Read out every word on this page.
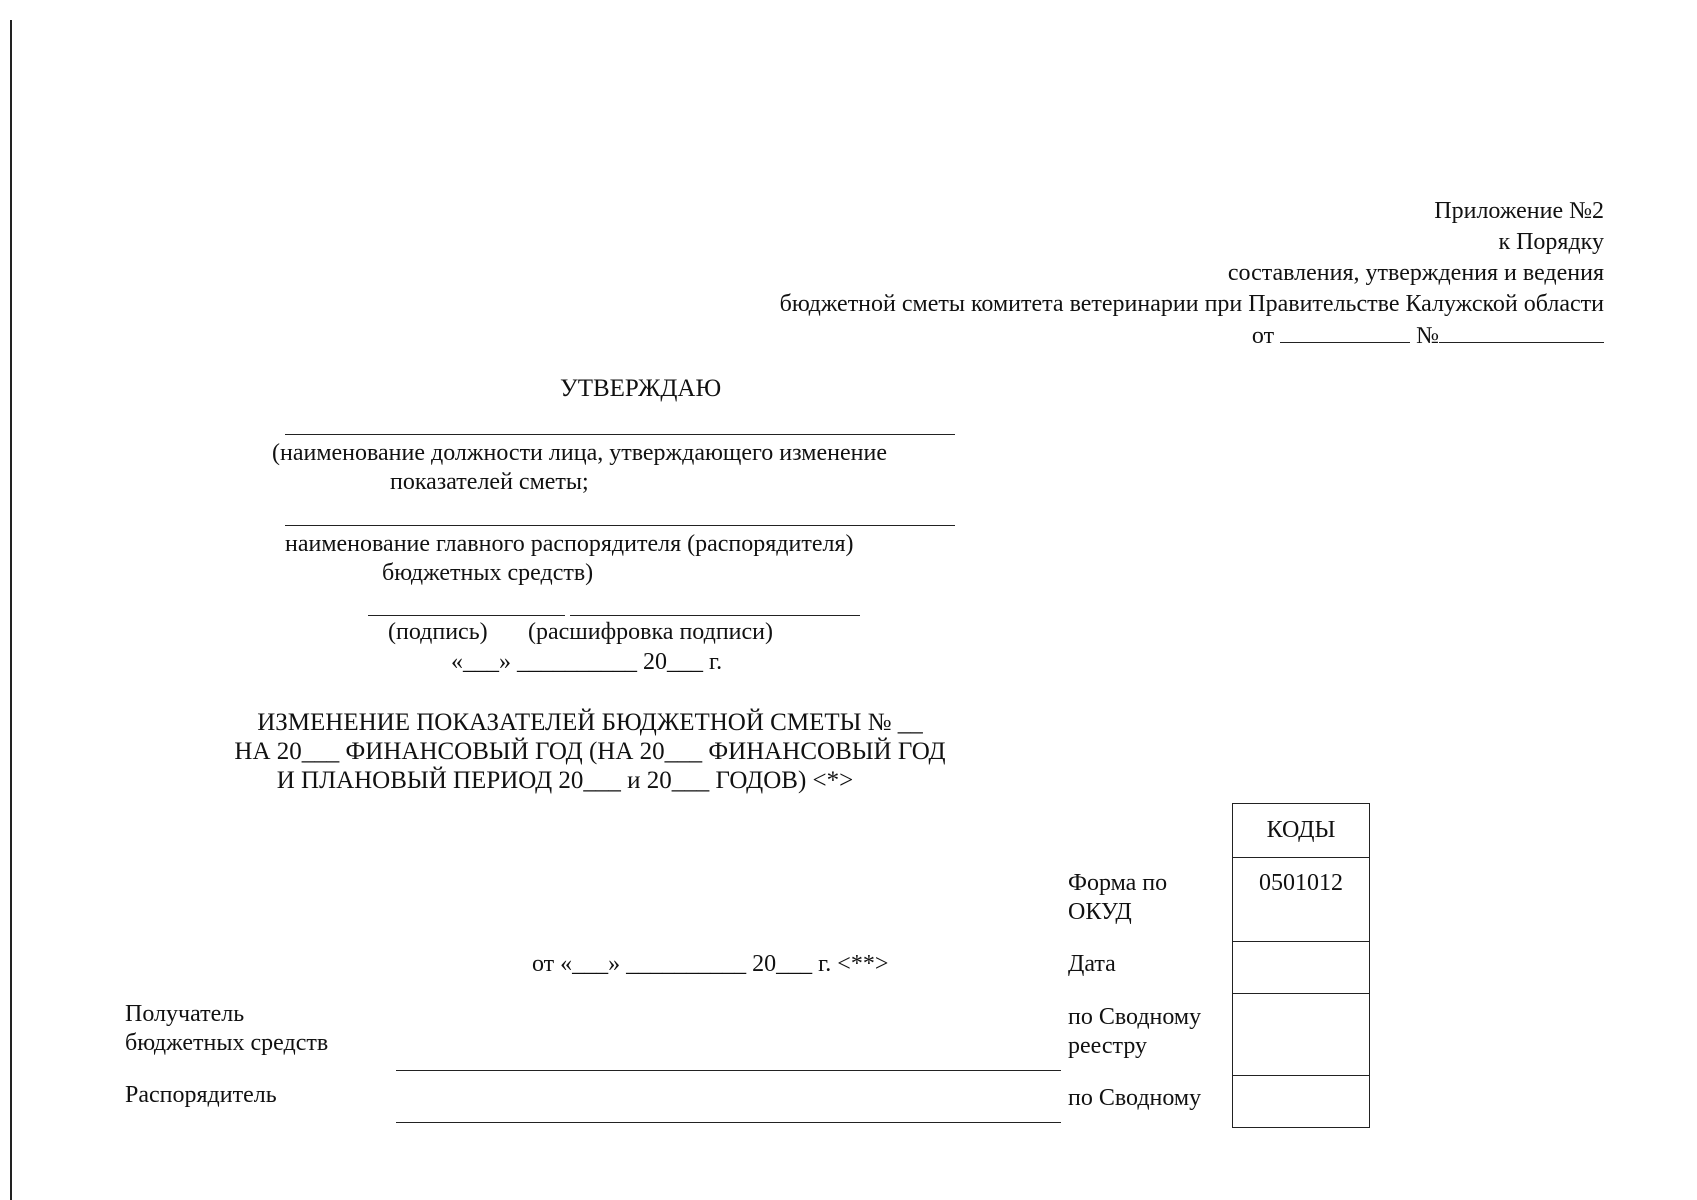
Приложение №2
к Порядку
составления, утверждения и ведения
бюджетной сметы комитета ветеринарии при Правительстве Калужской области
от	№
УТВЕРЖДАЮ
(наименование должности лица, утверждающего изменение
показателей сметы;
наименование главного распорядителя (распорядителя)
бюджетных средств)
(подпись) (расшифровка подписи)
«___» __________ 20___ г.
ИЗМЕНЕНИЕ ПОКАЗАТЕЛЕЙ БЮДЖЕТНОЙ СМЕТЫ № __
НА 20___ ФИНАНСОВЫЙ ГОД (НА 20___ ФИНАНСОВЫЙ ГОД
И ПЛАНОВЫЙ ПЕРИОД 20___ и 20___ ГОДОВ) <*>
от «___» __________ 20___ г. <**>
Получатель
бюджетных средств
Распорядитель
Форма по
ОКУД
Дата
по Сводному
реестру
по Сводному
КОДЫ
0501012
